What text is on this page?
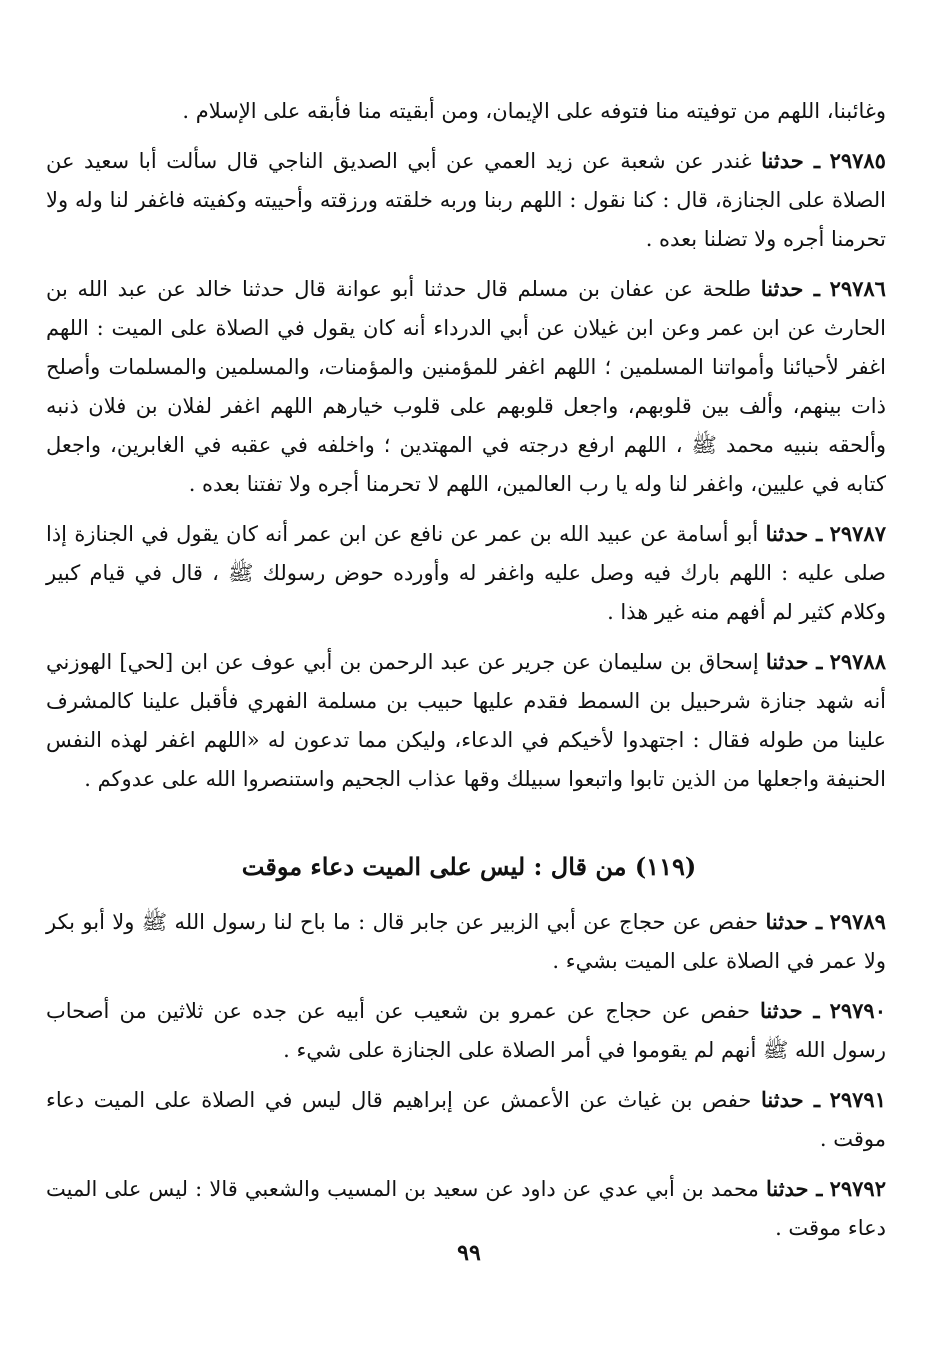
وغائبنا، اللهم من توفيته منا فتوفه على الإيمان، ومن أبقيته منا فأبقه على الإسلام .

٢٩٧٨٥ ـ حدثنا غندر عن شعبة عن زيد العمي عن أبي الصديق الناجي قال سألت أبا سعيد عن الصلاة على الجنازة، قال : كنا نقول : اللهم ربنا وربه خلقته ورزقته وأحييته وكفيته فاغفر لنا وله ولا تحرمنا أجره ولا تضلنا بعده .

٢٩٧٨٦ ـ حدثنا طلحة عن عفان بن مسلم قال حدثنا أبو عوانة قال حدثنا خالد عن عبد الله بن الحارث عن ابن عمر وعن ابن غيلان عن أبي الدرداء أنه كان يقول في الصلاة على الميت : اللهم اغفر لأحيائنا وأمواتنا المسلمين ؛ اللهم اغفر للمؤمنين والمؤمنات، والمسلمين والمسلمات وأصلح ذات بينهم، وألف بين قلوبهم، واجعل قلوبهم على قلوب خيارهم اللهم اغفر لفلان بن فلان ذنبه وألحقه بنبيه محمد ﷺ ، اللهم ارفع درجته في المهتدين ؛ واخلفه في عقبه في الغابرين، واجعل كتابه في عليين، واغفر لنا وله يا رب العالمين، اللهم لا تحرمنا أجره ولا تفتنا بعده .

٢٩٧٨٧ ـ حدثنا أبو أسامة عن عبيد الله بن عمر عن نافع عن ابن عمر أنه كان يقول في الجنازة إذا صلى عليه : اللهم بارك فيه وصل عليه واغفر له وأورده حوض رسولك ﷺ ، قال في قيام كبير وكلام كثير لم أفهم منه غير هذا .

٢٩٧٨٨ ـ حدثنا إسحاق بن سليمان عن جرير عن عبد الرحمن بن أبي عوف عن ابن [لحي] الهوزني أنه شهد جنازة شرحبيل بن السمط فقدم عليها حبيب بن مسلمة الفهري فأقبل علينا كالمشرف علينا من طوله فقال : اجتهدوا لأخيكم في الدعاء، وليكن مما تدعون له «اللهم اغفر لهذه النفس الحنيفة واجعلها من الذين تابوا واتبعوا سبيلك وقها عذاب الجحيم واستنصروا الله على عدوكم .

(١١٩) من قال : ليس على الميت دعاء موقت

٢٩٧٨٩ ـ حدثنا حفص عن حجاج عن أبي الزبير عن جابر قال : ما باح لنا رسول الله ﷺ ولا أبو بكر ولا عمر في الصلاة على الميت بشيء .

٢٩٧٩٠ ـ حدثنا حفص عن حجاج عن عمرو بن شعيب عن أبيه عن جده عن ثلاثين من أصحاب رسول الله ﷺ أنهم لم يقوموا في أمر الصلاة على الجنازة على شيء .

٢٩٧٩١ ـ حدثنا حفص بن غياث عن الأعمش عن إبراهيم قال ليس في الصلاة على الميت دعاء موقت .

٢٩٧٩٢ ـ حدثنا محمد بن أبي عدي عن داود عن سعيد بن المسيب والشعبي قالا : ليس على الميت دعاء موقت .

٩٩
